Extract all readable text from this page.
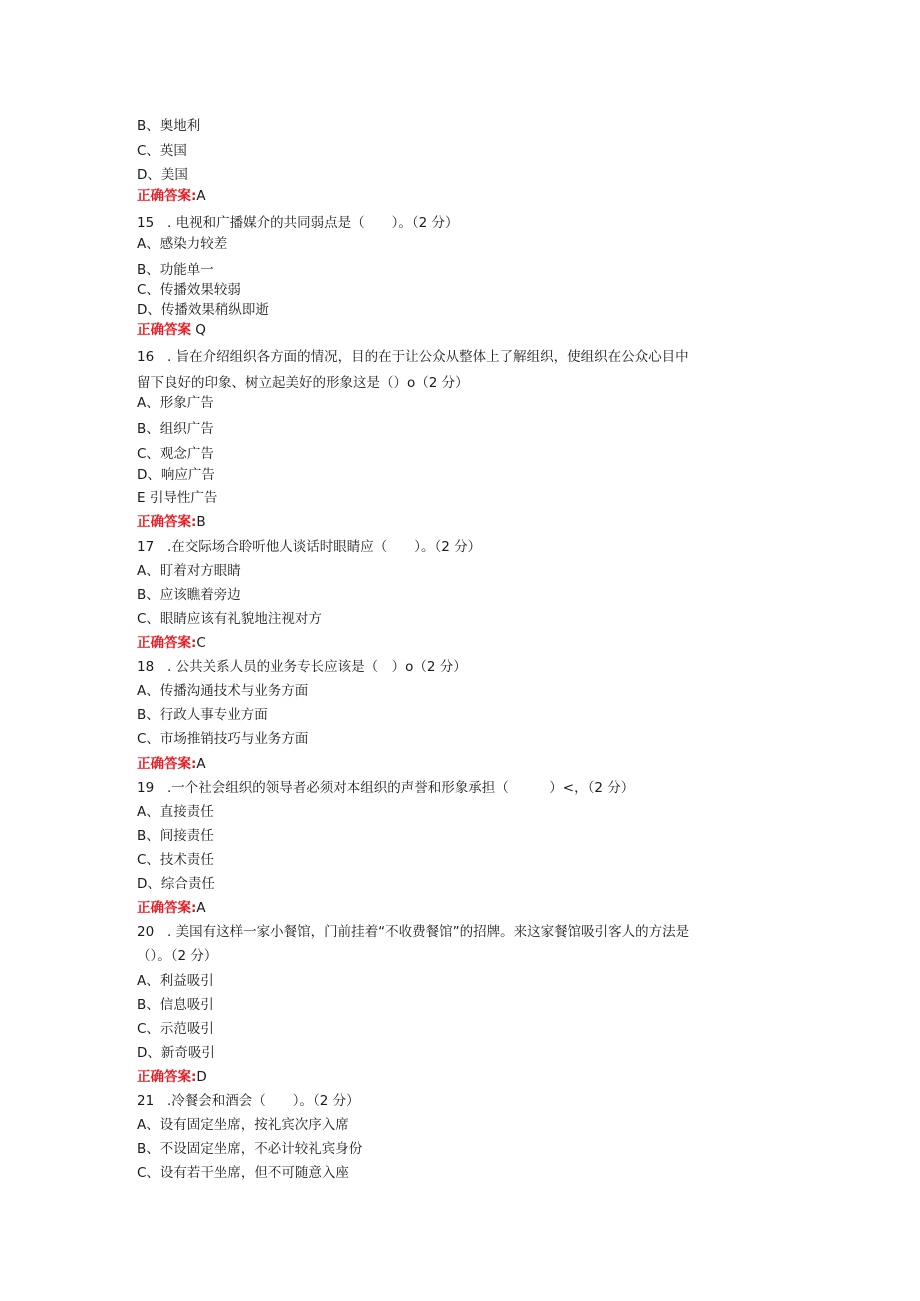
B、奥地利
C、英国
D、美国
正确答案:A
15 . 电视和广播媒介的共同弱点是（　　）。（2 分）
A、感染力较差
B、功能单一
C、传播效果较弱
D、传播效果稍纵即逝
正确答案 Q
16 . 旨在介绍组织各方面的情况，目的在于让公众从整体上了解组织，使组织在公众心目中
留下良好的印象、树立起美好的形象这是（）o（2 分）
A、形象广告
B、组织广告
C、观念广告
D、响应广告
E 引导性广告
正确答案:B
17 .在交际场合聆听他人谈话时眼睛应（　　）。（2 分）
A、盯着对方眼睛
B、应该瞧着旁边
C、眼睛应该有礼貌地注视对方
正确答案:C
18 . 公共关系人员的业务专长应该是（　）o（2 分）
A、传播沟通技术与业务方面
B、行政人事专业方面
C、市场推销技巧与业务方面
正确答案:A
19 .一个社会组织的领导者必须对本组织的声誉和形象承担（　　　）<，（2 分）
A、直接责任
B、间接责任
C、技术责任
D、综合责任
正确答案:A
20 . 美国有这样一家小餐馆，门前挂着“不收费餐馆”的招牌。来这家餐馆吸引客人的方法是
（）。（2 分）
A、利益吸引
B、信息吸引
C、示范吸引
D、新奇吸引
正确答案:D
21 .冷餐会和酒会（　　）。（2 分）
A、设有固定坐席，按礼宾次序入席
B、不设固定坐席，不必计较礼宾身份
C、设有若干坐席，但不可随意入座
